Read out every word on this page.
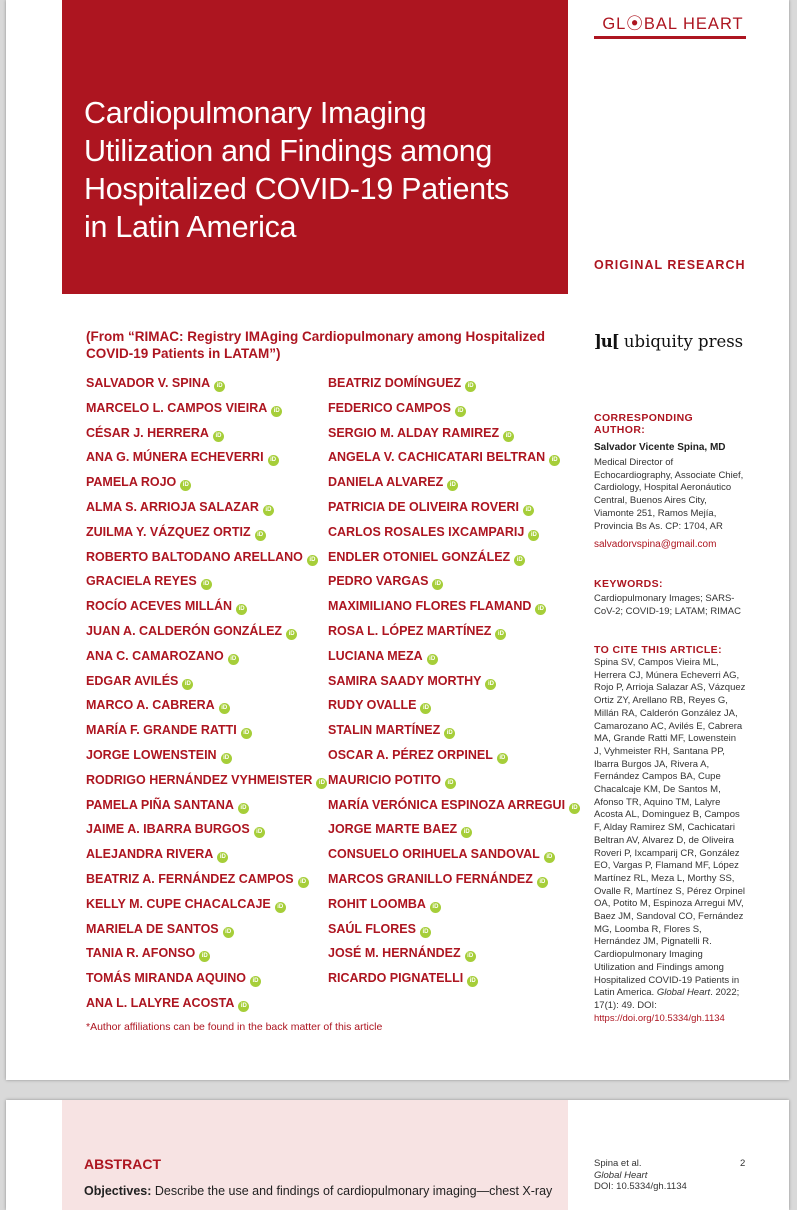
Cardiopulmonary Imaging Utilization and Findings among Hospitalized COVID-19 Patients in Latin America
GL⦿BAL HEART
ORIGINAL RESEARCH
(From “RIMAC: Registry IMAging Cardiopulmonary among Hospitalized COVID-19 Patients in LATAM”)
SALVADOR V. SPINA iD
MARCELO L. CAMPOS VIEIRA iD
CÉSAR J. HERRERA iD
ANA G. MÚNERA ECHEVERRI iD
PAMELA ROJO iD
ALMA S. ARRIOJA SALAZAR iD
ZUILMA Y. VÁZQUEZ ORTIZ iD
ROBERTO BALTODANO ARELLANO iD
GRACIELA REYES iD
ROCÍO ACEVES MILLÁN iD
JUAN A. CALDERÓN GONZÁLEZ iD
ANA C. CAMAROZANO iD
EDGAR AVILÉS iD
MARCO A. CABRERA iD
MARÍA F. GRANDE RATTI iD
JORGE LOWENSTEIN iD
RODRIGO HERNÁNDEZ VYHMEISTER iD
PAMELA PIÑA SANTANA iD
JAIME A. IBARRA BURGOS iD
ALEJANDRA RIVERA iD
BEATRIZ A. FERNÁNDEZ CAMPOS iD
KELLY M. CUPE CHACALCAJE iD
MARIELA DE SANTOS iD
TANIA R. AFONSO iD
TOMÁS MIRANDA AQUINO iD
ANA L. LALYRE ACOSTA iD
BEATRIZ DOMÍNGUEZ iD
FEDERICO CAMPOS iD
SERGIO M. ALDAY RAMIREZ iD
ANGELA V. CACHICATARI BELTRAN iD
DANIELA ALVAREZ iD
PATRICIA DE OLIVEIRA ROVERI iD
CARLOS ROSALES IXCAMPARIJ iD
ENDLER OTONIEL GONZÁLEZ iD
PEDRO VARGAS iD
MAXIMILIANO FLORES FLAMAND iD
ROSA L. LÓPEZ MARTÍNEZ iD
LUCIANA MEZA iD
SAMIRA SAADY MORTHY iD
RUDY OVALLE iD
STALIN MARTÍNEZ iD
OSCAR A. PÉREZ ORPINEL iD
MAURICIO POTITO iD
MARÍA VERÓNICA ESPINOZA ARREGUI iD
JORGE MARTE BAEZ iD
CONSUELO ORIHUELA SANDOVAL iD
MARCOS GRANILLO FERNÁNDEZ iD
ROHIT LOOMBA iD
SAÚL FLORES iD
JOSÉ M. HERNÁNDEZ iD
RICARDO PIGNATELLI iD
*Author affiliations can be found in the back matter of this article
]u[ ubiquity press
CORRESPONDING AUTHOR:
Salvador Vicente Spina, MD
Medical Director of Echocardiography, Associate Chief, Cardiology, Hospital Aeronáutico Central, Buenos Aires City, Viamonte 251, Ramos Mejía, Provincia Bs As. CP: 1704, AR
salvadorvspina@gmail.com
KEYWORDS:
Cardiopulmonary Images; SARS-CoV-2; COVID-19; LATAM; RIMAC
TO CITE THIS ARTICLE:
Spina SV, Campos Vieira ML, Herrera CJ, Múnera Echeverri AG, Rojo P, Arrioja Salazar AS, Vázquez Ortiz ZY, Arellano RB, Reyes G, Millán RA, Calderón González JA, Camarozano AC, Avilés E, Cabrera MA, Grande Ratti MF, Lowenstein J, Vyhmeister RH, Santana PP, Ibarra Burgos JA, Rivera A, Fernández Campos BA, Cupe Chacalcaje KM, De Santos M, Afonso TR, Aquino TM, Lalyre Acosta AL, Dominguez B, Campos F, Alday Ramirez SM, Cachicatari Beltran AV, Alvarez D, de Oliveira Roveri P, Ixcamparij CR, González EO, Vargas P, Flamand MF, López Martínez RL, Meza L, Morthy SS, Ovalle R, Martínez S, Pérez Orpinel OA, Potito M, Espinoza Arregui MV, Baez JM, Sandoval CO, Fernández MG, Loomba R, Flores S, Hernández JM, Pignatelli R. Cardiopulmonary Imaging Utilization and Findings among Hospitalized COVID-19 Patients in Latin America. Global Heart. 2022; 17(1): 49. DOI: https://doi.org/10.5334/gh.1134
ABSTRACT
Objectives: Describe the use and findings of cardiopulmonary imaging—chest X-ray
Spina et al.
Global Heart
DOI: 10.5334/gh.1134
2
